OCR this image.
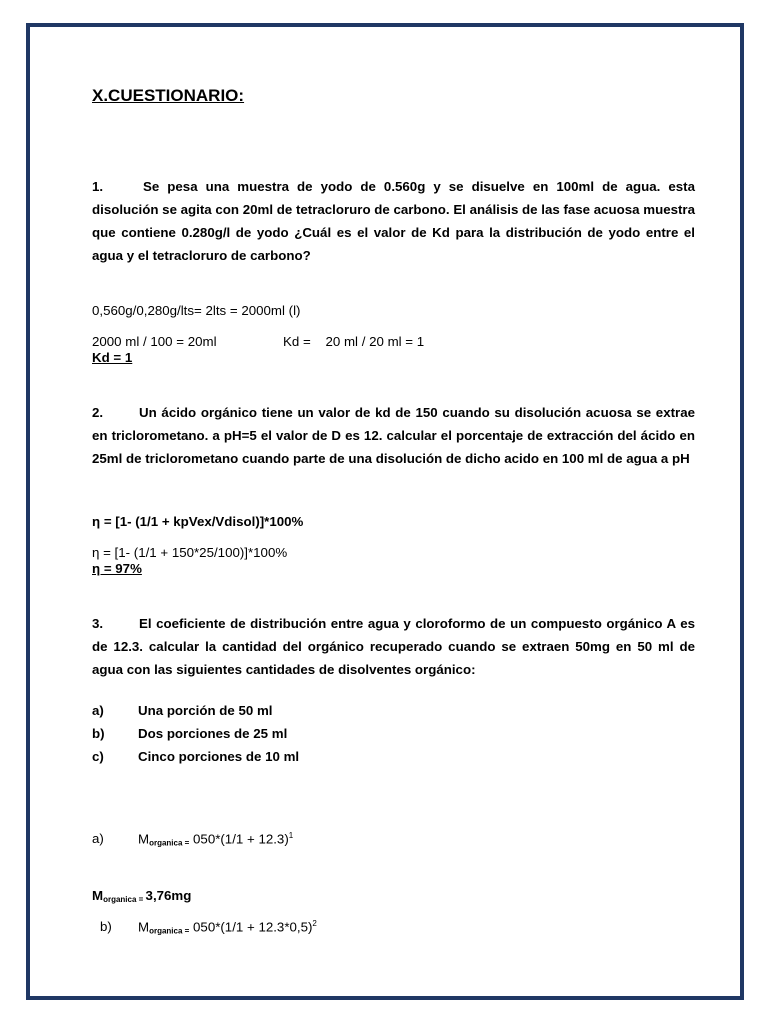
X.CUESTIONARIO:
1.	Se pesa una muestra de yodo de 0.560g y se disuelve en 100ml de agua. esta disolución se agita con 20ml de tetracloruro de carbono. El análisis de las fase acuosa muestra que contiene 0.280g/l de yodo ¿Cuál es el valor de Kd para la distribución de yodo entre el agua y el tetracloruro de carbono?
0,560g/0,280g/lts= 2lts = 2000ml (l)
2000 ml / 100 = 20ml	Kd =    20 ml / 20 ml = 1
Kd = 1
2.	Un ácido orgánico tiene un valor de kd de 150 cuando su disolución acuosa se extrae en triclorometano. a pH=5 el valor de D es 12. calcular el porcentaje de extracción del ácido en 25ml de triclorometano cuando parte de una disolución de dicho acido en 100 ml de agua a pH
η = [1- (1/1 + kpVex/Vdisol)]*100%
η = [1- (1/1 + 150*25/100)]*100%
η = 97%
3.	El coeficiente de distribución entre agua y cloroformo de un compuesto orgánico A es de 12.3. calcular la cantidad del orgánico recuperado cuando se extraen 50mg en 50 ml de agua con las siguientes cantidades de disolventes orgánico:
a)	Una porción de 50 ml
b)	Dos porciones de 25 ml
c)	Cinco porciones de 10 ml
a)	$M_{organica =}$ $050*(1/1 + 12.3)^1$
$M_{organica =}$ 3,76mg
b) $M_{organica =}$ $050*(1/1 + 12.3*0,5)^2$
